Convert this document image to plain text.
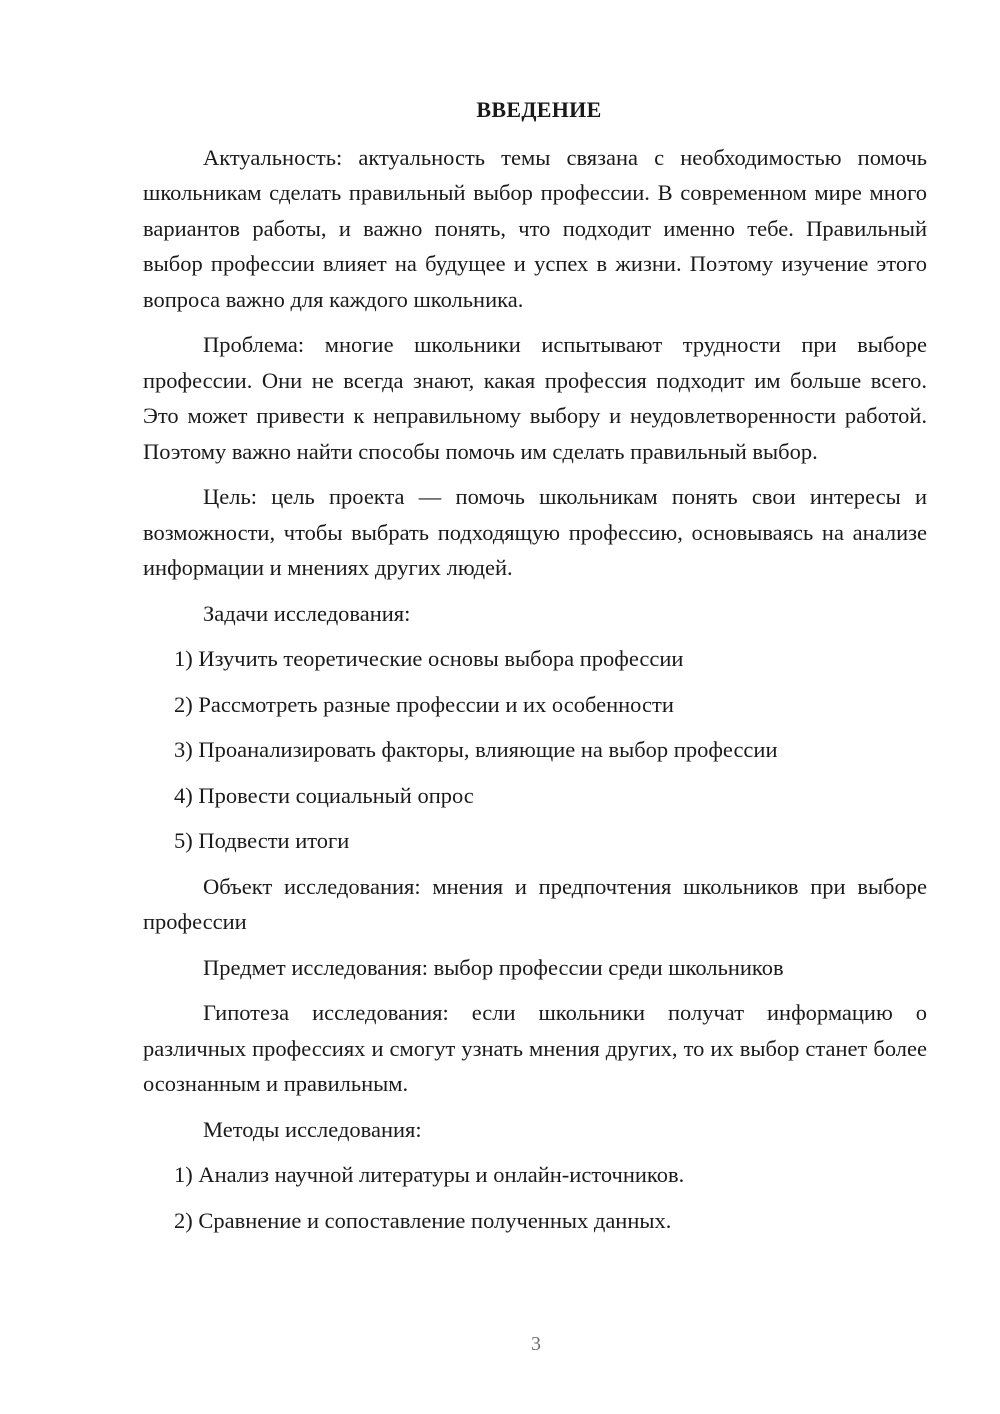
ВВЕДЕНИЕ

Актуальность: актуальность темы связана с необходимостью помочь школьникам сделать правильный выбор профессии. В современном мире много вариантов работы, и важно понять, что подходит именно тебе. Правильный выбор профессии влияет на будущее и успех в жизни. Поэтому изучение этого вопроса важно для каждого школьника.

Проблема: многие школьники испытывают трудности при выборе профессии. Они не всегда знают, какая профессия подходит им больше всего. Это может привести к неправильному выбору и неудовлетворенности работой. Поэтому важно найти способы помочь им сделать правильный выбор.

Цель: цель проекта — помочь школьникам понять свои интересы и возможности, чтобы выбрать подходящую профессию, основываясь на анализе информации и мнениях других людей.

Задачи исследования:

1) Изучить теоретические основы выбора профессии

2) Рассмотреть разные профессии и их особенности

3) Проанализировать факторы, влияющие на выбор профессии

4) Провести социальный опрос

5) Подвести итоги

Объект исследования: мнения и предпочтения школьников при выборе профессии

Предмет исследования: выбор профессии среди школьников

Гипотеза исследования: если школьники получат информацию о различных профессиях и смогут узнать мнения других, то их выбор станет более осознанным и правильным.

Методы исследования:

1) Анализ научной литературы и онлайн-источников.

2) Сравнение и сопоставление полученных данных.

3
